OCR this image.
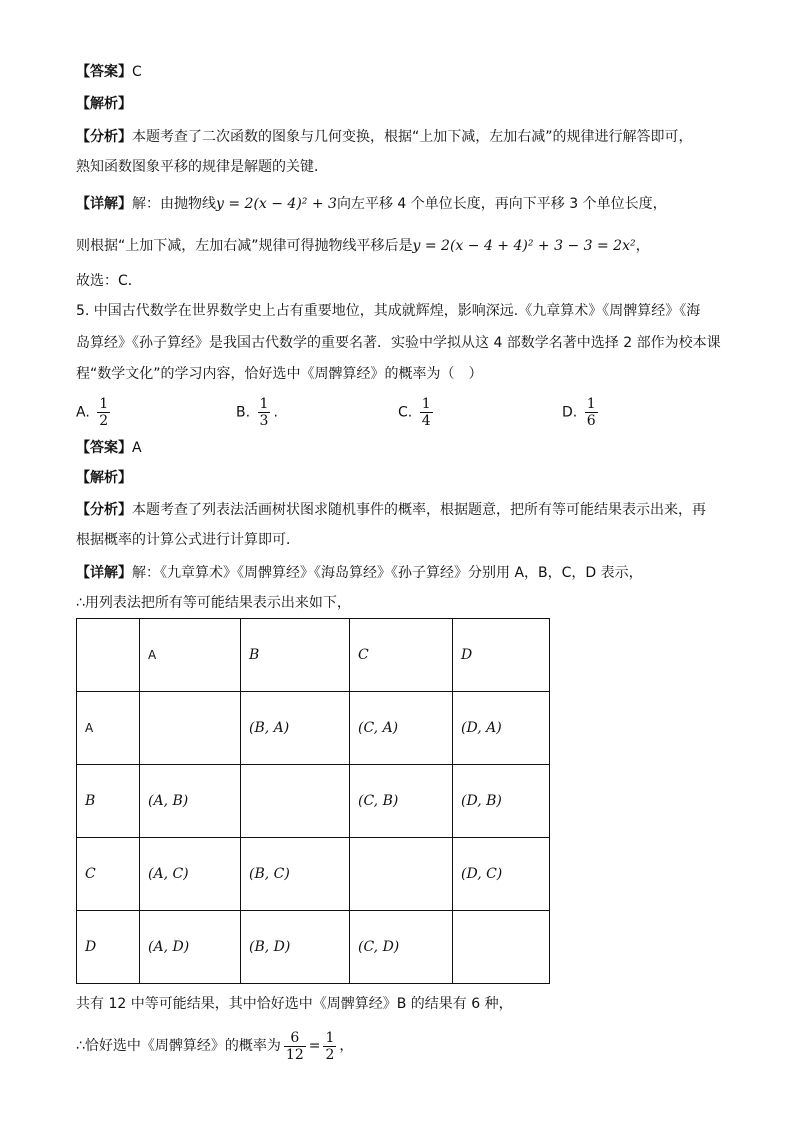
【答案】C
【解析】
【分析】本题考查了二次函数的图象与几何变换，根据“上加下减，左加右减”的规律进行解答即可，
熟知函数图象平移的规律是解题的关键．
【详解】解：由抛物线y = 2(x − 4)² + 3向左平移 4 个单位长度，再向下平移 3 个单位长度，
则根据“上加下减，左加右减”规律可得抛物线平移后是y = 2(x − 4 + 4)² + 3 − 3 = 2x²，
故选：C．
5. 中国古代数学在世界数学史上占有重要地位，其成就辉煌，影响深远.《九章算术》《周髀算经》《海
岛算经》《孙子算经》是我国古代数学的重要名著．实验中学拟从这 4 部数学名著中选择 2 部作为校本课
程“数学文化”的学习内容，恰好选中《周髀算经》的概率为（　）
A. $\frac{1}{2}$	B. $\frac{1}{3}$ .	C. $\frac{1}{4}$	D. $\frac{1}{6}$
【答案】A
【解析】
【分析】本题考查了列表法活画树状图求随机事件的概率，根据题意，把所有等可能结果表示出来，再
根据概率的计算公式进行计算即可．
【详解】解：《九章算术》《周髀算经》《海岛算经》《孙子算经》分别用 A，B，C，D 表示，
∴用列表法把所有等可能结果表示出来如下，
	A	B	C	D
A		(B, A)	(C, A)	(D, A)
B	(A, B)		(C, B)	(D, B)
C	(A, C)	(B, C)		(D, C)
D	(A, D)	(B, D)	(C, D)	
共有 12 中等可能结果，其中恰好选中《周髀算经》B 的结果有 6 种，
∴恰好选中《周髀算经》的概率为 $\frac{6}{12} = \frac{1}{2}$ ，
